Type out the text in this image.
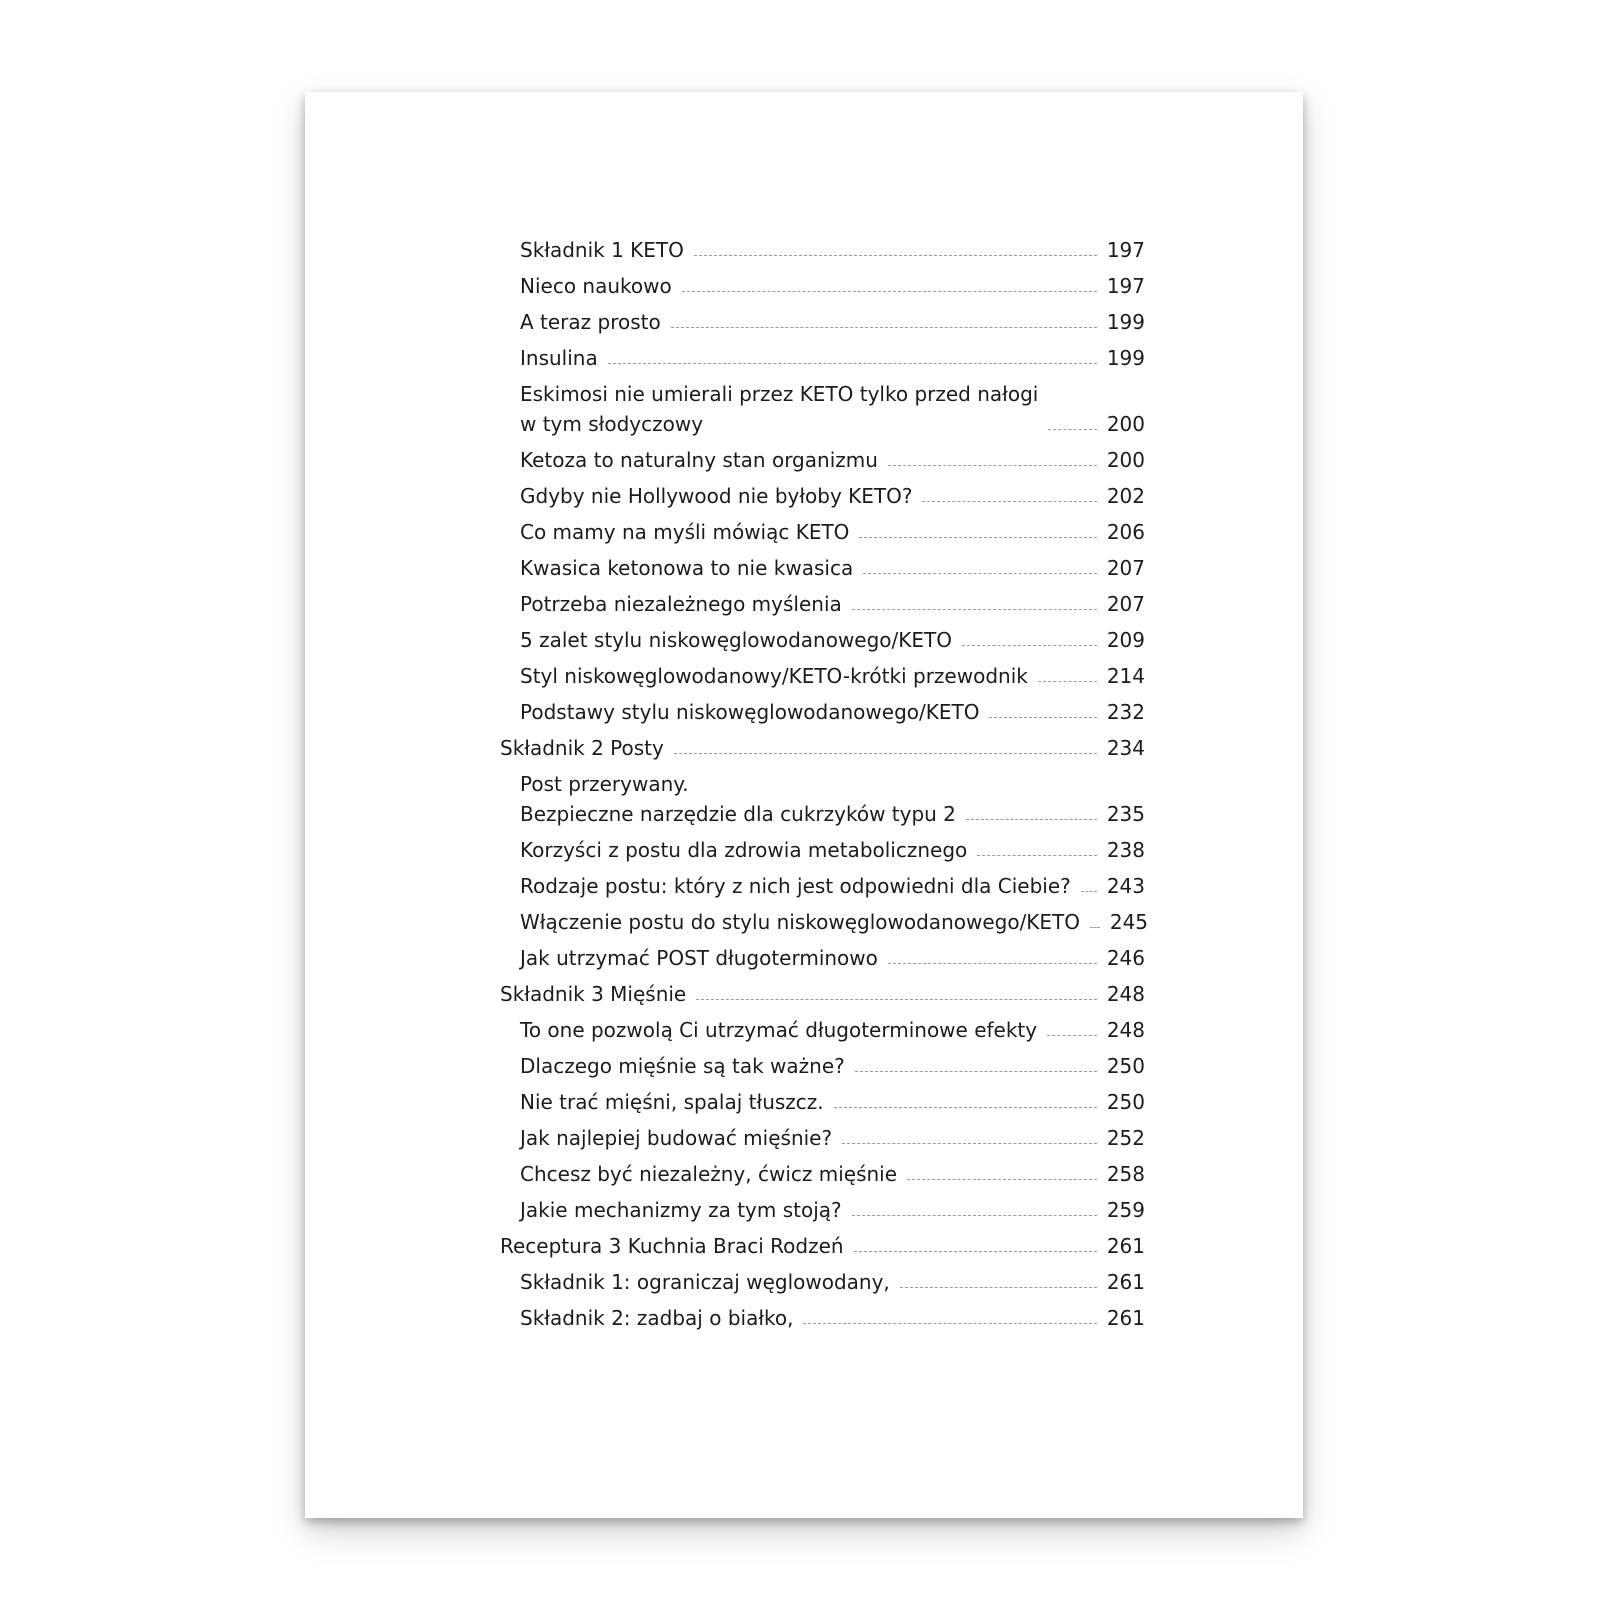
Składnik 1 KETO	197
Nieco naukowo	197
A teraz prosto	199
Insulina	199
Eskimosi nie umierali przez KETO tylko przed nałogi
w tym słodyczowy	200
Ketoza to naturalny stan organizmu	200
Gdyby nie Hollywood nie byłoby KETO?	202
Co mamy na myśli mówiąc KETO	206
Kwasica ketonowa to nie kwasica	207
Potrzeba niezależnego myślenia	207
5 zalet stylu niskowęglowodanowego/KETO	209
Styl niskowęglowodanowy/KETO-krótki przewodnik	214
Podstawy stylu niskowęglowodanowego/KETO	232
Składnik 2 Posty	234
Post przerywany.
Bezpieczne narzędzie dla cukrzyków typu 2	235
Korzyści z postu dla zdrowia metabolicznego	238
Rodzaje postu: który z nich jest odpowiedni dla Ciebie? 243
Włączenie postu do stylu niskowęglowodanowego/KETO 245
Jak utrzymać POST długoterminowo	246
Składnik 3 Mięśnie	248
To one pozwolą Ci utrzymać długoterminowe efekty	248
Dlaczego mięśnie są tak ważne?	250
Nie trać mięśni, spalaj tłuszcz.	250
Jak najlepiej budować mięśnie?	252
Chcesz być niezależny, ćwicz mięśnie	258
Jakie mechanizmy za tym stoją?	259
Receptura 3 Kuchnia Braci Rodzeń	261
Składnik 1: ograniczaj węglowodany,	261
Składnik 2: zadbaj o białko,	261
